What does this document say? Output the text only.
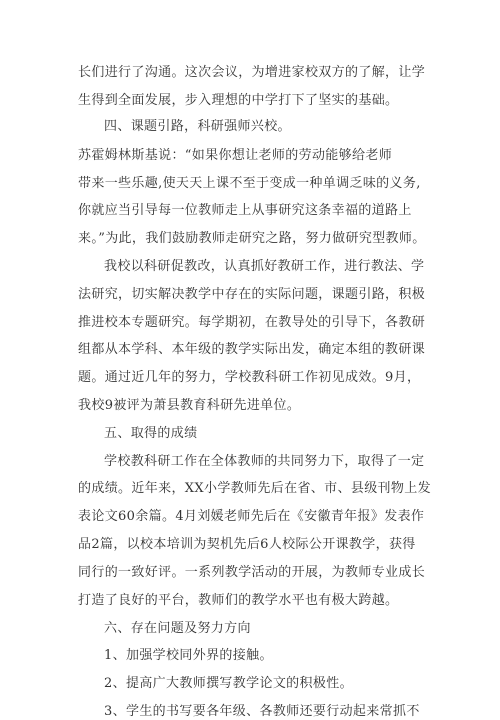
长们进行了沟通。这次会议，为增进家校双方的了解，让学
生得到全面发展，步入理想的中学打下了坚实的基础。
四、课题引路，科研强师兴校。
苏霍姆林斯基说：“如果你想让老师的劳动能够给老师
带来一些乐趣,使天天上课不至于变成一种单调乏味的义务,
你就应当引导每一位教师走上从事研究这条幸福的道路上
来。”为此，我们鼓励教师走研究之路，努力做研究型教师。
我校以科研促教改，认真抓好教研工作，进行教法、学
法研究，切实解决教学中存在的实际问题，课题引路，积极
推进校本专题研究。每学期初，在教导处的引导下，各教研
组都从本学科、本年级的教学实际出发，确定本组的教研课
题。通过近几年的努力，学校教科研工作初见成效。9月，
我校9被评为萧县教育科研先进单位。
五、取得的成绩
学校教科研工作在全体教师的共同努力下，取得了一定
的成绩。近年来，XX小学教师先后在省、市、县级刊物上发
表论文60余篇。4月刘媛老师先后在《安徽青年报》发表作
品2篇，以校本培训为契机先后6人校际公开课教学，获得
同行的一致好评。一系列教学活动的开展，为教师专业成长
打造了良好的平台，教师们的教学水平也有极大跨越。
六、存在问题及努力方向
1、加强学校同外界的接触。
2、提高广大教师撰写教学论文的积极性。
3、学生的书写要各年级、各教师还要行动起来常抓不
